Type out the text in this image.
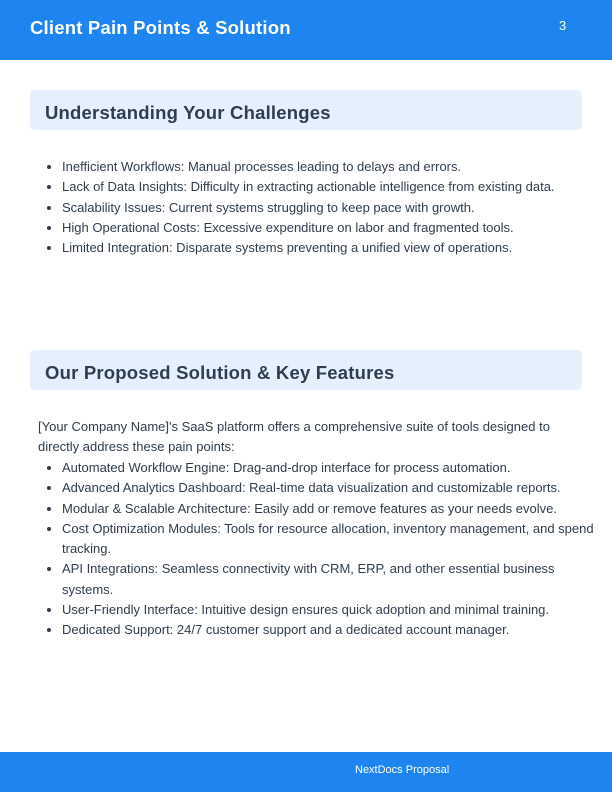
Client Pain Points & Solution	3
Understanding Your Challenges
• Inefficient Workflows: Manual processes leading to delays and errors.
• Lack of Data Insights: Difficulty in extracting actionable intelligence from existing data.
• Scalability Issues: Current systems struggling to keep pace with growth.
• High Operational Costs: Excessive expenditure on labor and fragmented tools.
• Limited Integration: Disparate systems preventing a unified view of operations.
Our Proposed Solution & Key Features

[Your Company Name]'s SaaS platform offers a comprehensive suite of tools designed to directly address these pain points:

• Automated Workflow Engine: Drag-and-drop interface for process automation.
• Advanced Analytics Dashboard: Real-time data visualization and customizable reports.
• Modular & Scalable Architecture: Easily add or remove features as your needs evolve.
• Cost Optimization Modules: Tools for resource allocation, inventory management, and spend tracking.
• API Integrations: Seamless connectivity with CRM, ERP, and other essential business systems.
• User-Friendly Interface: Intuitive design ensures quick adoption and minimal training.
• Dedicated Support: 24/7 customer support and a dedicated account manager.
NextDocs Proposal
